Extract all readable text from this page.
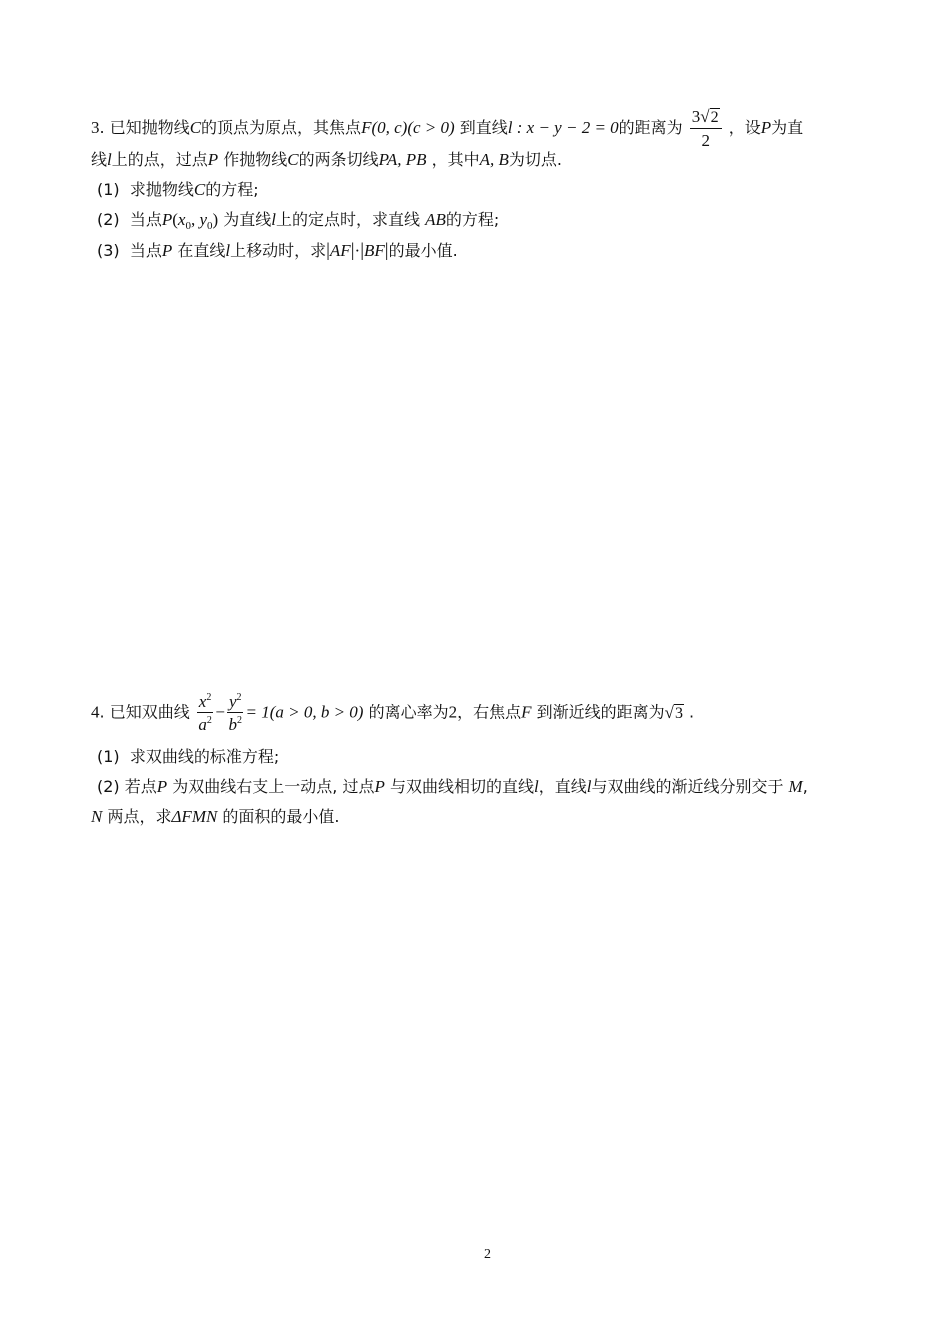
3. 已知抛物线C的顶点为原点，其焦点F(0, c)(c > 0) 到直线l : x − y − 2 = 0的距离为 $\frac{3√2}{2}$ ，设P为直
线l上的点，过点P 作抛物线C的两条切线PA, PB ，其中A, B为切点.
(1) 求抛物线C的方程;
(2) 当点$P(x_0$, $y_0$) 为直线l上的定点时，求直线 AB的方程;
(3) 当点P 在直线l上移动时，求|AF|·|BF|的最小值.
4. 已知双曲线 $\frac{x^2}{a^2} - \frac{y^2}{b^2} = 1(a > 0$, b > 0) 的离心率为2，右焦点F 到渐近线的距离为√3 .
(1) 求双曲线的标准方程;
(2) 若点P 为双曲线右支上一动点, 过点P 与双曲线相切的直线l，直线l与双曲线的渐近线分别交于 M,
N 两点，求ΔFMN 的面积的最小值.
2
